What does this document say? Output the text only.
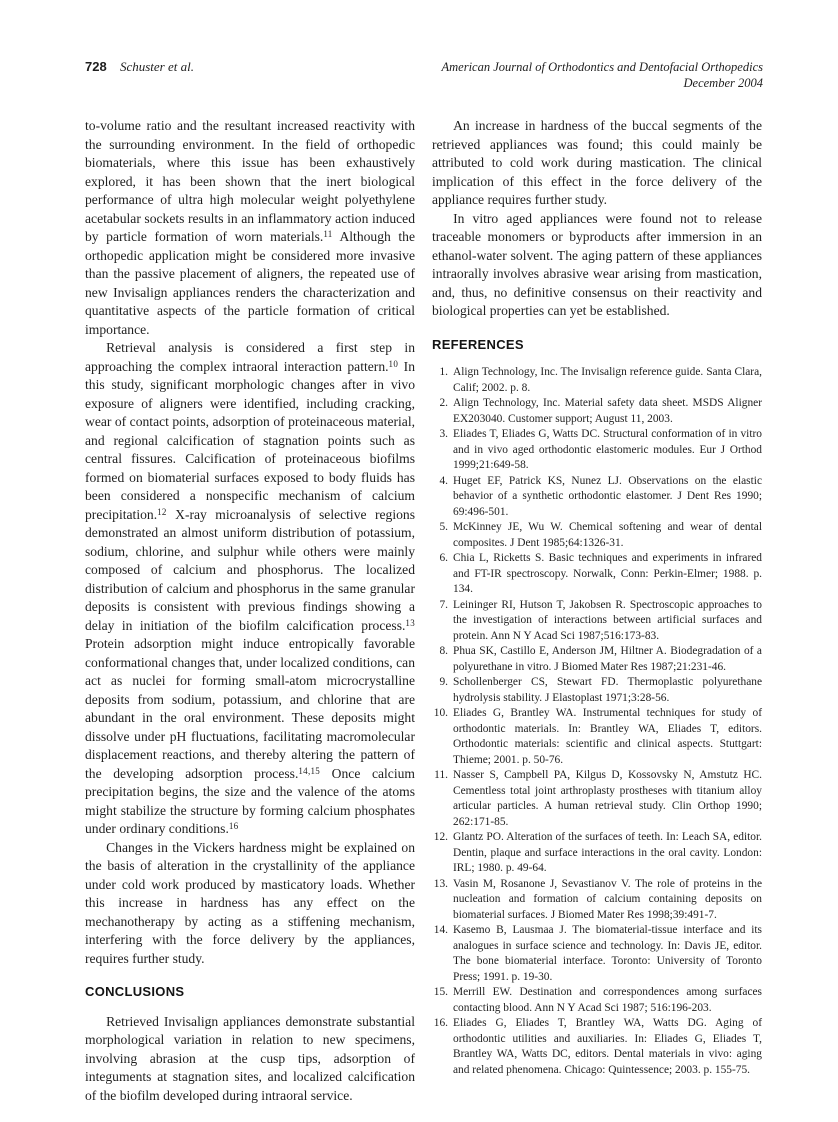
728 Schuster et al.	American Journal of Orthodontics and Dentofacial Orthopedics
December 2004

to-volume ratio and the resultant increased reactivity with the surrounding environment. In the field of orthopedic biomaterials, where this issue has been exhaustively explored, it has been shown that the inert biological performance of ultra high molecular weight polyethylene acetabular sockets results in an inflammatory action induced by particle formation of worn materials.$^{11}$ Although the orthopedic application might be considered more invasive than the passive placement of aligners, the repeated use of new Invisalign appliances renders the characterization and quantitative aspects of the particle formation of critical importance.

Retrieval analysis is considered a first step in approaching the complex intraoral interaction pattern.$^{10}$ In this study, significant morphologic changes after in vivo exposure of aligners were identified, including cracking, wear of contact points, adsorption of proteinaceous material, and regional calcification of stagnation points such as central fissures. Calcification of proteinaceous biofilms formed on biomaterial surfaces exposed to body fluids has been considered a nonspecific mechanism of calcium precipitation.$^{12}$ X-ray microanalysis of selective regions demonstrated an almost uniform distribution of potassium, sodium, chlorine, and sulphur while others were mainly composed of calcium and phosphorus. The localized distribution of calcium and phosphorus in the same granular deposits is consistent with previous findings showing a delay in initiation of the biofilm calcification process.$^{13}$ Protein adsorption might induce entropically favorable conformational changes that, under localized conditions, can act as nuclei for forming small-atom microcrystalline deposits from sodium, potassium, and chlorine that are abundant in the oral environment. These deposits might dissolve under pH fluctuations, facilitating macromolecular displacement reactions, and thereby altering the pattern of the developing adsorption process.$^{14,15}$ Once calcium precipitation begins, the size and the valence of the atoms might stabilize the structure by forming calcium phosphates under ordinary conditions.$^{16}$

Changes in the Vickers hardness might be explained on the basis of alteration in the crystallinity of the appliance under cold work produced by masticatory loads. Whether this increase in hardness has any effect on the mechanotherapy by acting as a stiffening mechanism, interfering with the force delivery by the appliances, requires further study.

CONCLUSIONS

Retrieved Invisalign appliances demonstrate substantial morphological variation in relation to new specimens, involving abrasion at the cusp tips, adsorption of integuments at stagnation sites, and localized calcification of the biofilm developed during intraoral service.

An increase in hardness of the buccal segments of the retrieved appliances was found; this could mainly be attributed to cold work during mastication. The clinical implication of this effect in the force delivery of the appliance requires further study.

In vitro aged appliances were found not to release traceable monomers or byproducts after immersion in an ethanol-water solvent. The aging pattern of these appliances intraorally involves abrasive wear arising from mastication, and, thus, no definitive consensus on their reactivity and biological properties can yet be established.

REFERENCES
1. Align Technology, Inc. The Invisalign reference guide. Santa Clara, Calif; 2002. p. 8.
2. Align Technology, Inc. Material safety data sheet. MSDS Aligner EX203040. Customer support; August 11, 2003.
3. Eliades T, Eliades G, Watts DC. Structural conformation of in vitro and in vivo aged orthodontic elastomeric modules. Eur J Orthod 1999;21:649-58.
4. Huget EF, Patrick KS, Nunez LJ. Observations on the elastic behavior of a synthetic orthodontic elastomer. J Dent Res 1990; 69:496-501.
5. McKinney JE, Wu W. Chemical softening and wear of dental composites. J Dent 1985;64:1326-31.
6. Chia L, Ricketts S. Basic techniques and experiments in infrared and FT-IR spectroscopy. Norwalk, Conn: Perkin-Elmer; 1988. p. 134.
7. Leininger RI, Hutson T, Jakobsen R. Spectroscopic approaches to the investigation of interactions between artificial surfaces and protein. Ann N Y Acad Sci 1987;516:173-83.
8. Phua SK, Castillo E, Anderson JM, Hiltner A. Biodegradation of a polyurethane in vitro. J Biomed Mater Res 1987;21:231-46.
9. Schollenberger CS, Stewart FD. Thermoplastic polyurethane hydrolysis stability. J Elastoplast 1971;3:28-56.
10. Eliades G, Brantley WA. Instrumental techniques for study of orthodontic materials. In: Brantley WA, Eliades T, editors. Orthodontic materials: scientific and clinical aspects. Stuttgart: Thieme; 2001. p. 50-76.
11. Nasser S, Campbell PA, Kilgus D, Kossovsky N, Amstutz HC. Cementless total joint arthroplasty prostheses with titanium alloy articular particles. A human retrieval study. Clin Orthop 1990; 262:171-85.
12. Glantz PO. Alteration of the surfaces of teeth. In: Leach SA, editor. Dentin, plaque and surface interactions in the oral cavity. London: IRL; 1980. p. 49-64.
13. Vasin M, Rosanone J, Sevastianov V. The role of proteins in the nucleation and formation of calcium containing deposits on biomaterial surfaces. J Biomed Mater Res 1998;39:491-7.
14. Kasemo B, Lausmaa J. The biomaterial-tissue interface and its analogues in surface science and technology. In: Davis JE, editor. The bone biomaterial interface. Toronto: University of Toronto Press; 1991. p. 19-30.
15. Merrill EW. Destination and correspondences among surfaces contacting blood. Ann N Y Acad Sci 1987; 516:196-203.
16. Eliades G, Eliades T, Brantley WA, Watts DG. Aging of orthodontic utilities and auxiliaries. In: Eliades G, Eliades T, Brantley WA, Watts DC, editors. Dental materials in vivo: aging and related phenomena. Chicago: Quintessence; 2003. p. 155-75.
